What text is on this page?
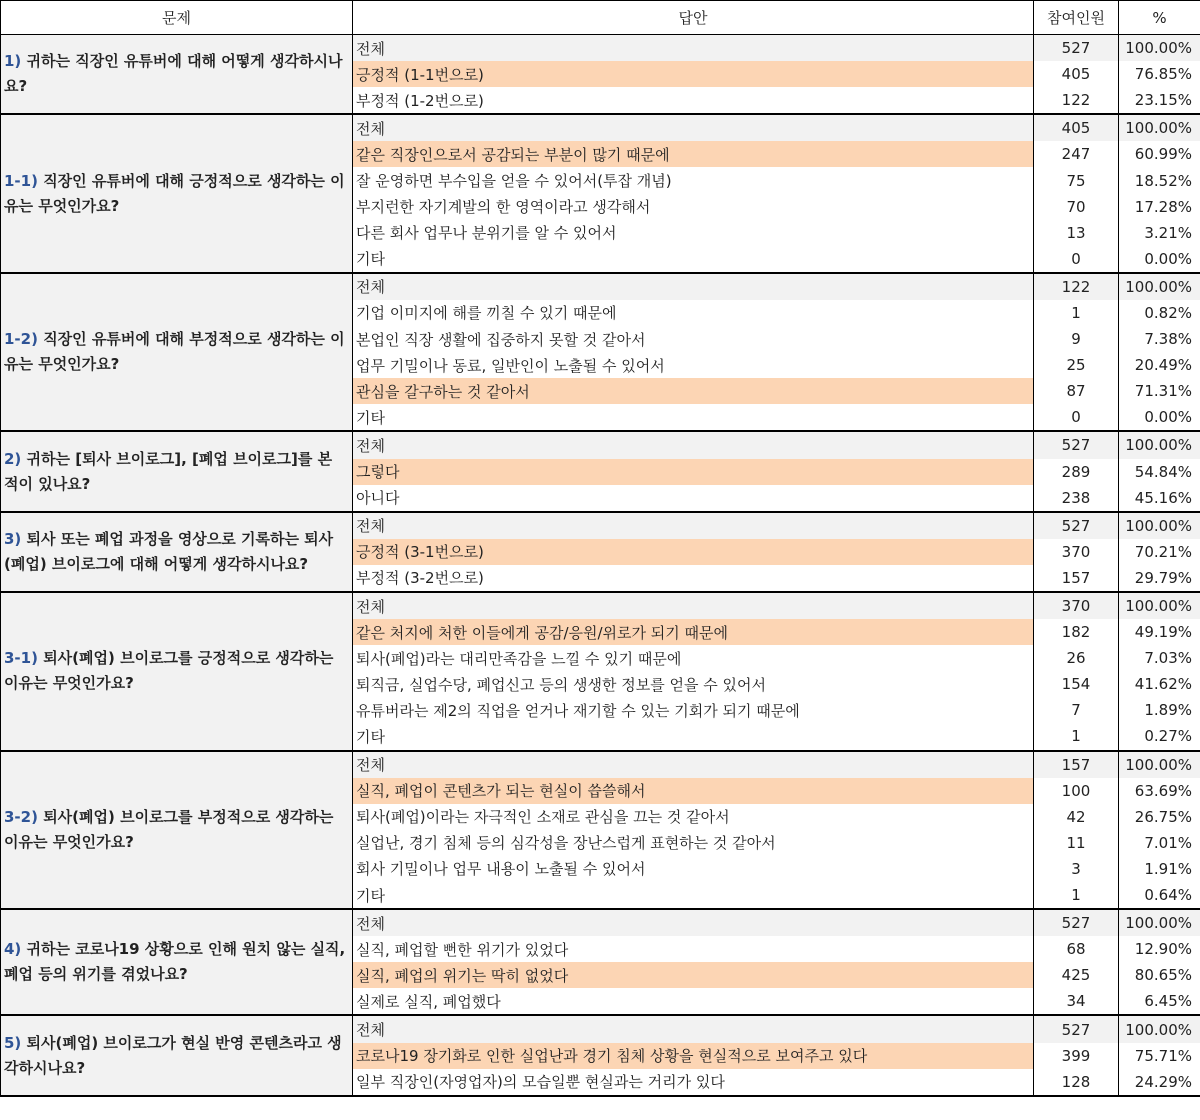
문제	답안	참여인원	%
1) 귀하는 직장인 유튜버에 대해 어떻게 생각하시나요?	전체	527	100.00%
	긍정적 (1-1번으로)	405	76.85%
	부정적 (1-2번으로)	122	23.15%
1-1) 직장인 유튜버에 대해 긍정적으로 생각하는 이유는 무엇인가요?	전체	405	100.00%
	같은 직장인으로서 공감되는 부분이 많기 때문에	247	60.99%
	잘 운영하면 부수입을 얻을 수 있어서(투잡 개념)	75	18.52%
	부지런한 자기계발의 한 영역이라고 생각해서	70	17.28%
	다른 회사 업무나 분위기를 알 수 있어서	13	3.21%
	기타	0	0.00%
1-2) 직장인 유튜버에 대해 부정적으로 생각하는 이유는 무엇인가요?	전체	122	100.00%
	기업 이미지에 해를 끼칠 수 있기 때문에	1	0.82%
	본업인 직장 생활에 집중하지 못할 것 같아서	9	7.38%
	업무 기밀이나 동료, 일반인이 노출될 수 있어서	25	20.49%
	관심을 갈구하는 것 같아서	87	71.31%
	기타	0	0.00%
2) 귀하는 [퇴사 브이로그], [폐업 브이로그]를 본 적이 있나요?	전체	527	100.00%
	그렇다	289	54.84%
	아니다	238	45.16%
3) 퇴사 또는 폐업 과정을 영상으로 기록하는 퇴사(폐업) 브이로그에 대해 어떻게 생각하시나요?	전체	527	100.00%
	긍정적 (3-1번으로)	370	70.21%
	부정적 (3-2번으로)	157	29.79%
3-1) 퇴사(폐업) 브이로그를 긍정적으로 생각하는 이유는 무엇인가요?	전체	370	100.00%
	같은 처지에 처한 이들에게 공감/응원/위로가 되기 때문에	182	49.19%
	퇴사(폐업)라는 대리만족감을 느낄 수 있기 때문에	26	7.03%
	퇴직금, 실업수당, 폐업신고 등의 생생한 정보를 얻을 수 있어서	154	41.62%
	유튜버라는 제2의 직업을 얻거나 재기할 수 있는 기회가 되기 때문에	7	1.89%
	기타	1	0.27%
3-2) 퇴사(폐업) 브이로그를 부정적으로 생각하는 이유는 무엇인가요?	전체	157	100.00%
	실직, 폐업이 콘텐츠가 되는 현실이 씁쓸해서	100	63.69%
	퇴사(폐업)이라는 자극적인 소재로 관심을 끄는 것 같아서	42	26.75%
	실업난, 경기 침체 등의 심각성을 장난스럽게 표현하는 것 같아서	11	7.01%
	회사 기밀이나 업무 내용이 노출될 수 있어서	3	1.91%
	기타	1	0.64%
4) 귀하는 코로나19 상황으로 인해 원치 않는 실직, 폐업 등의 위기를 겪었나요?	전체	527	100.00%
	실직, 폐업할 뻔한 위기가 있었다	68	12.90%
	실직, 폐업의 위기는 딱히 없었다	425	80.65%
	실제로 실직, 폐업했다	34	6.45%
5) 퇴사(폐업) 브이로그가 현실 반영 콘텐츠라고 생각하시나요?	전체	527	100.00%
	코로나19 장기화로 인한 실업난과 경기 침체 상황을 현실적으로 보여주고 있다	399	75.71%
	일부 직장인(자영업자)의 모습일뿐 현실과는 거리가 있다	128	24.29%
